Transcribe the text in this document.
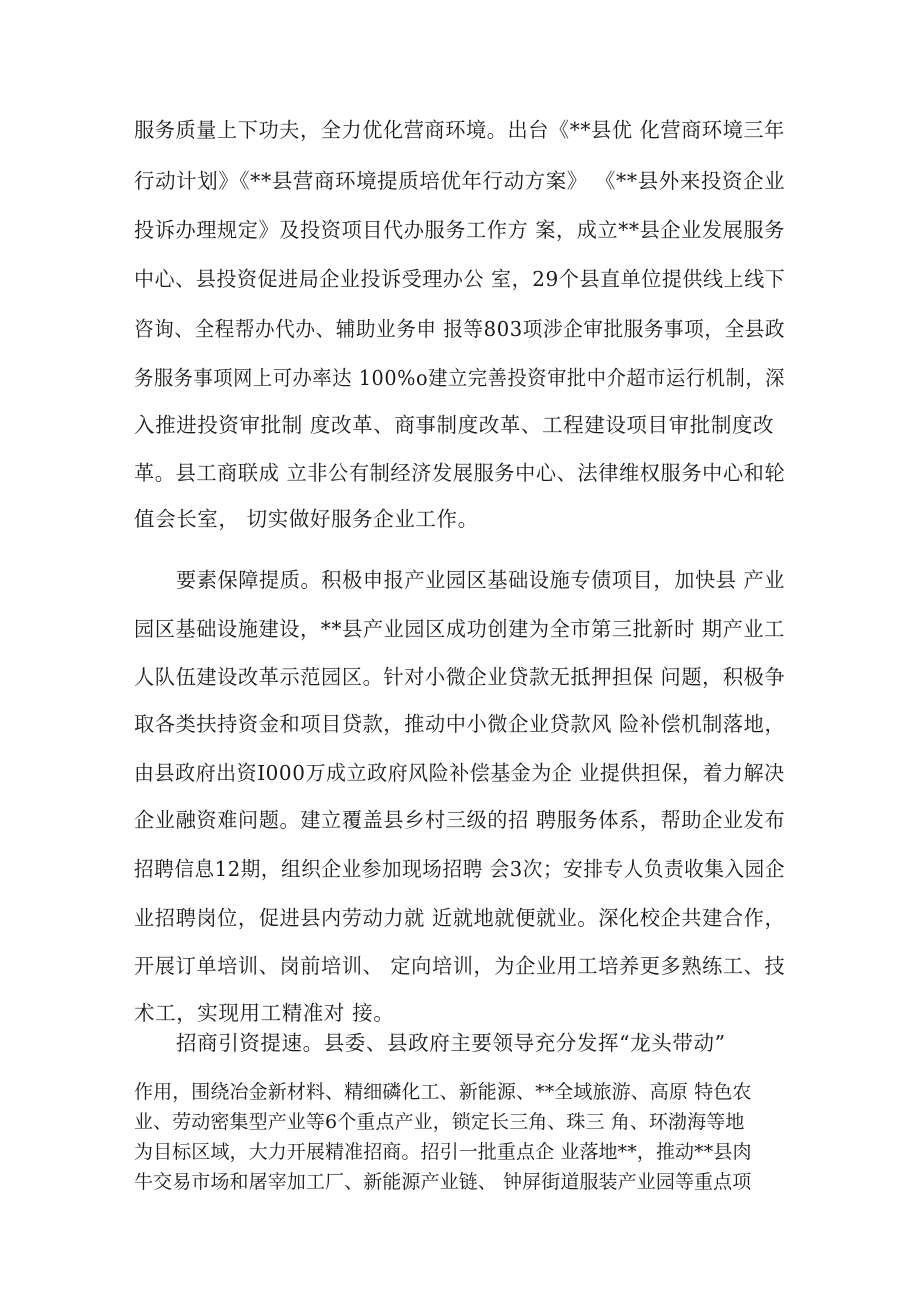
服务质量上下功夫，全力优化营商环境。出台《**县优 化营商环境三年
行动计划》《**县营商环境提质培优年行动方案》 《**县外来投资企业
投诉办理规定》及投资项目代办服务工作方 案，成立**县企业发展服务
中心、县投资促进局企业投诉受理办公 室，29个县直单位提供线上线下
咨询、全程帮办代办、辅助业务申 报等803项涉企审批服务事项，全县政
务服务事项网上可办率达 100%o建立完善投资审批中介超市运行机制，深
入推进投资审批制 度改革、商事制度改革、工程建设项目审批制度改
革。县工商联成 立非公有制经济发展服务中心、法律维权服务中心和轮
值会长室， 切实做好服务企业工作。
要素保障提质。积极申报产业园区基础设施专债项目，加快县 产业
园区基础设施建设，**县产业园区成功创建为全市第三批新时 期产业工
人队伍建设改革示范园区。针对小微企业贷款无抵押担保 问题，积极争
取各类扶持资金和项目贷款，推动中小微企业贷款风 险补偿机制落地，
由县政府出资I000万成立政府风险补偿基金为企 业提供担保，着力解决
企业融资难问题。建立覆盖县乡村三级的招 聘服务体系，帮助企业发布
招聘信息12期，组织企业参加现场招聘 会3次；安排专人负责收集入园企
业招聘岗位，促进县内劳动力就 近就地就便就业。深化校企共建合作，
开展订单培训、岗前培训、 定向培训，为企业用工培养更多熟练工、技
术工，实现用工精准对 接。
招商引资提速。县委、县政府主要领导充分发挥“龙头带动”
作用，围绕冶金新材料、精细磷化工、新能源、**全域旅游、高原 特色农
业、劳动密集型产业等6个重点产业，锁定长三角、珠三 角、环渤海等地
为目标区域，大力开展精准招商。招引一批重点企 业落地**，推动**县肉
牛交易市场和屠宰加工厂、新能源产业链、 钟屏街道服装产业园等重点项
